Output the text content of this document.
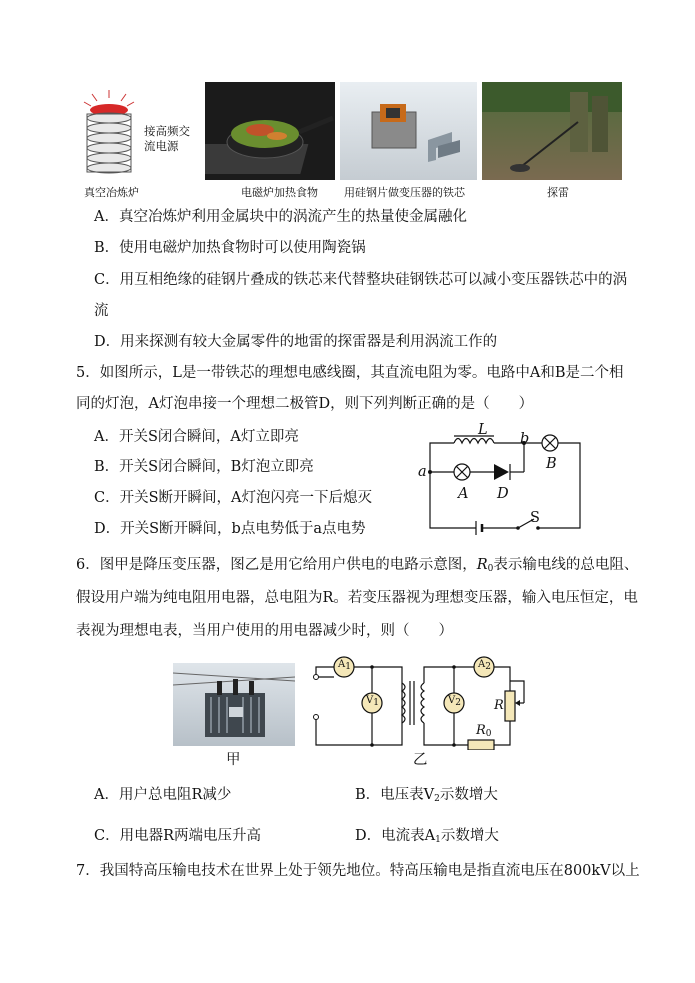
接高频交
流电源
真空冶炼炉	电磁炉加热食物 用硅钢片做变压器的铁芯	探雷
A．真空冶炼炉利用金属块中的涡流产生的热量使金属融化
B．使用电磁炉加热食物时可以使用陶瓷锅
C．用互相绝缘的硅钢片叠成的铁芯来代替整块硅钢铁芯可以减小变压器铁芯中的涡
流
D．用来探测有较大金属零件的地雷的探雷器是利用涡流工作的
5．如图所示，L是一带铁芯的理想电感线圈，其直流电阻为零。电路中A和B是二个相
同的灯泡，A灯泡串接一个理想二极管D，则下列判断正确的是（　　）
A．开关S闭合瞬间，A灯立即亮
B．开关S闭合瞬间，B灯泡立即亮
C．开关S断开瞬间，A灯泡闪亮一下后熄灭
D．开关S断开瞬间，b点电势低于a点电势
L
b
a
A D
B
S
6．图甲是降压变压器，图乙是用它给用户供电的电路示意图，$R_0$表示输电线的总电阻、
假设用户端为纯电阻用电器，总电阻为R。若变压器视为理想变压器，输入电压恒定，电
表视为理想电表，当用户使用的用电器减少时，则（　　）
甲
$A_1$
$V_1$	$V_2$
$A_2$
R
$R_0$
乙
A．用户总电阻R减少	B．电压表$V_2$示数增大
C．用电器R两端电压升高	D．电流表$A_1$示数增大
7．我国特高压输电技术在世界上处于领先地位。特高压输电是指直流电压在800kV以上
